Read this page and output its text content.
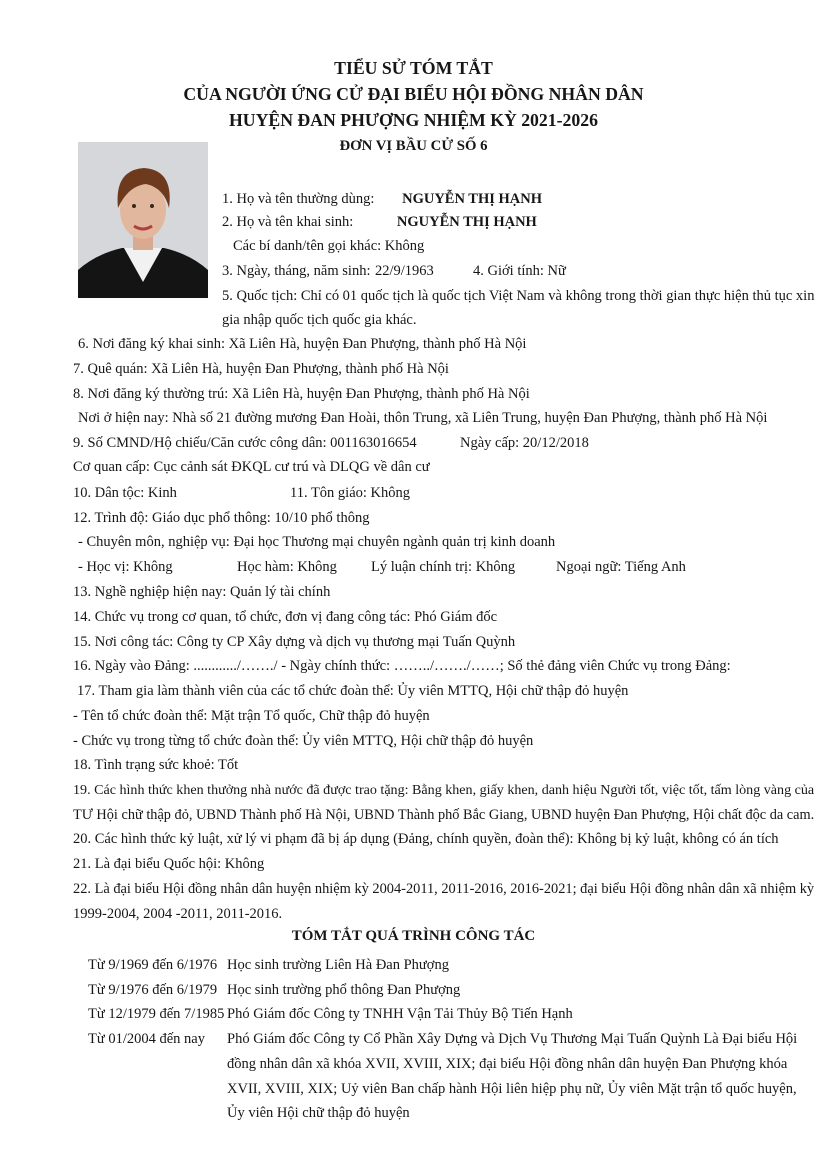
TIỂU SỬ TÓM TẮT
CỦA NGƯỜI ỨNG CỬ ĐẠI BIỂU HỘI ĐỒNG NHÂN DÂN
HUYỆN ĐAN PHƯỢNG NHIỆM KỲ 2021-2026
ĐƠN VỊ BẦU CỬ SỐ 6
1. Họ và tên thường dùng: NGUYỄN THỊ HẠNH
2. Họ và tên khai sinh:	NGUYỄN THỊ HẠNH
Các bí danh/tên gọi khác: Không
3. Ngày, tháng, năm sinh: 22/9/1963	4. Giới tính: Nữ
5. Quốc tịch: Chỉ có 01 quốc tịch là quốc tịch Việt Nam và không trong thời gian thực hiện thủ tục xin
gia nhập quốc tịch quốc gia khác.
6. Nơi đăng ký khai sinh: Xã Liên Hà, huyện Đan Phượng, thành phố Hà Nội
7. Quê quán: Xã Liên Hà, huyện Đan Phượng, thành phố Hà Nội
8. Nơi đăng ký thường trú: Xã Liên Hà, huyện Đan Phượng, thành phố Hà Nội
Nơi ở hiện nay: Nhà số 21 đường mương Đan Hoài, thôn Trung, xã Liên Trung, huyện Đan Phượng, thành phố Hà Nội
9. Số CMND/Hộ chiếu/Căn cước công dân: 001163016654	Ngày cấp: 20/12/2018
Cơ quan cấp: Cục cảnh sát ĐKQL cư trú và DLQG về dân cư
10. Dân tộc: Kinh	11. Tôn giáo: Không
12. Trình độ: Giáo dục phổ thông: 10/10 phổ thông
- Chuyên môn, nghiệp vụ: Đại học Thương mại chuyên ngành quản trị kinh doanh
- Học vị: Không	Học hàm: Không Lý luận chính trị: Không	Ngoại ngữ: Tiếng Anh
13. Nghề nghiệp hiện nay: Quản lý tài chính
14. Chức vụ trong cơ quan, tổ chức, đơn vị đang công tác: Phó Giám đốc
15. Nơi công tác: Công ty CP Xây dựng và dịch vụ thương mại Tuấn Quỳnh
16. Ngày vào Đảng: ............/……./ - Ngày chính thức: ……../……./……; Số thẻ đảng viên Chức vụ trong Đảng:
17. Tham gia làm thành viên của các tổ chức đoàn thể: Ủy viên MTTQ, Hội chữ thập đỏ huyện
- Tên tổ chức đoàn thể: Mặt trận Tổ quốc, Chữ thập đỏ huyện
- Chức vụ trong từng tổ chức đoàn thể: Ủy viên MTTQ, Hội chữ thập đỏ huyện
18. Tình trạng sức khoẻ: Tốt
19. Các hình thức khen thưởng nhà nước đã được trao tặng: Bằng khen, giấy khen, danh hiệu Người tốt, việc tốt, tấm lòng vàng của
TƯ Hội chữ thập đỏ, UBND Thành phố Hà Nội, UBND Thành phố Bắc Giang, UBND huyện Đan Phượng, Hội chất độc da cam.
20. Các hình thức kỷ luật, xử lý vi phạm đã bị áp dụng (Đảng, chính quyền, đoàn thể): Không bị kỷ luật, không có án tích
21. Là đại biểu Quốc hội: Không
22. Là đại biểu Hội đồng nhân dân huyện nhiệm kỳ 2004-2011, 2011-2016, 2016-2021; đại biểu Hội đồng nhân dân xã nhiệm kỳ
1999-2004, 2004 -2011, 2011-2016.
TÓM TẮT QUÁ TRÌNH CÔNG TÁC
Từ 9/1969 đến 6/1976 Học sinh trường Liên Hà Đan Phượng
Từ 9/1976 đến 6/1979 Học sinh trường phổ thông Đan Phượng
Từ 12/1979 đến 7/1985 Phó Giám đốc Công ty TNHH Vận Tải Thủy Bộ Tiến Hạnh
Từ 01/2004 đến nay Phó Giám đốc Công ty Cổ Phần Xây Dựng và Dịch Vụ Thương Mại Tuấn Quỳnh Là Đại biểu Hội
đồng nhân dân xã khóa XVII, XVIII, XIX; đại biểu Hội đồng nhân dân huyện Đan Phượng khóa
XVII, XVIII, XIX; Uỷ viên Ban chấp hành Hội liên hiệp phụ nữ, Ủy viên Mặt trận tổ quốc huyện,
Ủy viên Hội chữ thập đỏ huyện
